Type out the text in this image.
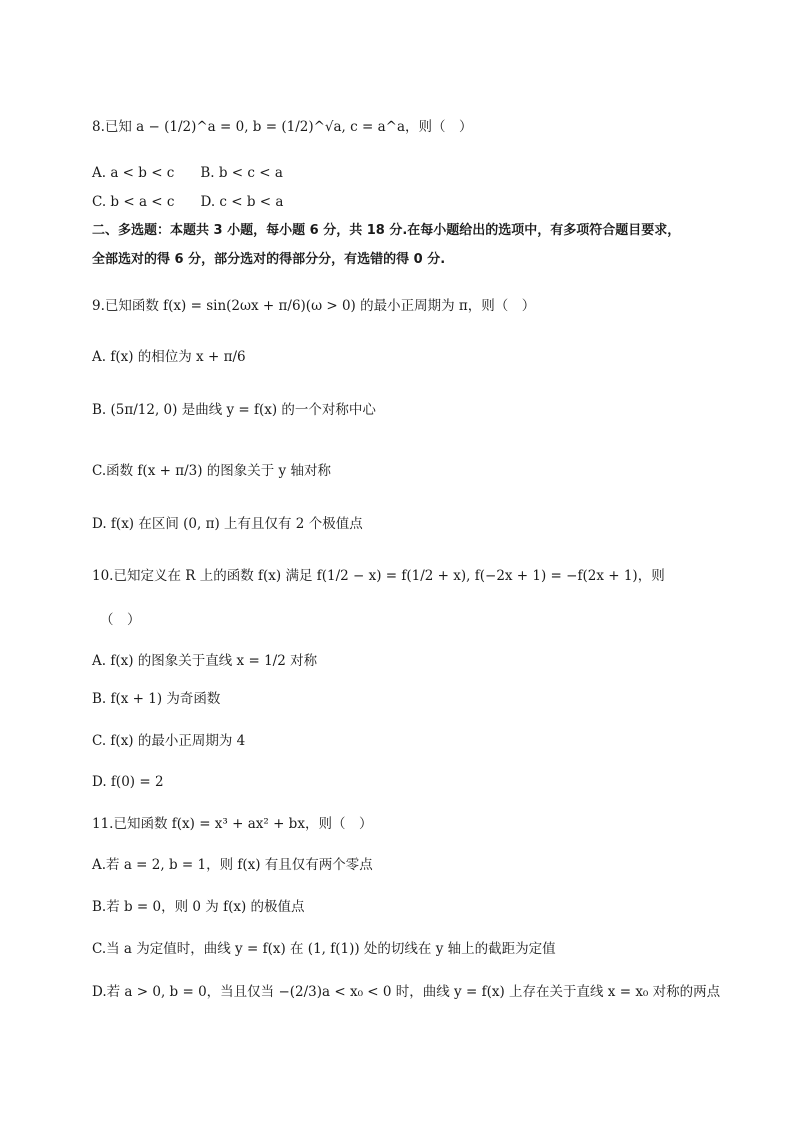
8.已知 a − (1/2)^a = 0, b = (1/2)^√a, c = a^a，则（　）
A. a < b < c B. b < c < a
C. b < a < c D. c < b < a
二、多选题：本题共 3 小题，每小题 6 分，共 18 分.在每小题给出的选项中，有多项符合题目要求，
全部选对的得 6 分，部分选对的得部分分，有选错的得 0 分.
9.已知函数 f(x) = sin(2ωx + π/6)(ω > 0) 的最小正周期为 π，则（　）
A. f(x) 的相位为 x + π/6
B. (5π/12, 0) 是曲线 y = f(x) 的一个对称中心
C.函数 f(x + π/3) 的图象关于 y 轴对称
D. f(x) 在区间 (0, π) 上有且仅有 2 个极值点
10.已知定义在 R 上的函数 f(x) 满足 f(1/2 − x) = f(1/2 + x), f(−2x + 1) = −f(2x + 1)，则
（　）
A. f(x) 的图象关于直线 x = 1/2 对称
B. f(x + 1) 为奇函数
C. f(x) 的最小正周期为 4
D. f(0) = 2
11.已知函数 f(x) = x³ + ax² + bx，则（　）
A.若 a = 2, b = 1，则 f(x) 有且仅有两个零点
B.若 b = 0，则 0 为 f(x) 的极值点
C.当 a 为定值时，曲线 y = f(x) 在 (1, f(1)) 处的切线在 y 轴上的截距为定值
D.若 a > 0, b = 0，当且仅当 −(2/3)a < x₀ < 0 时，曲线 y = f(x) 上存在关于直线 x = x₀ 对称的两点
